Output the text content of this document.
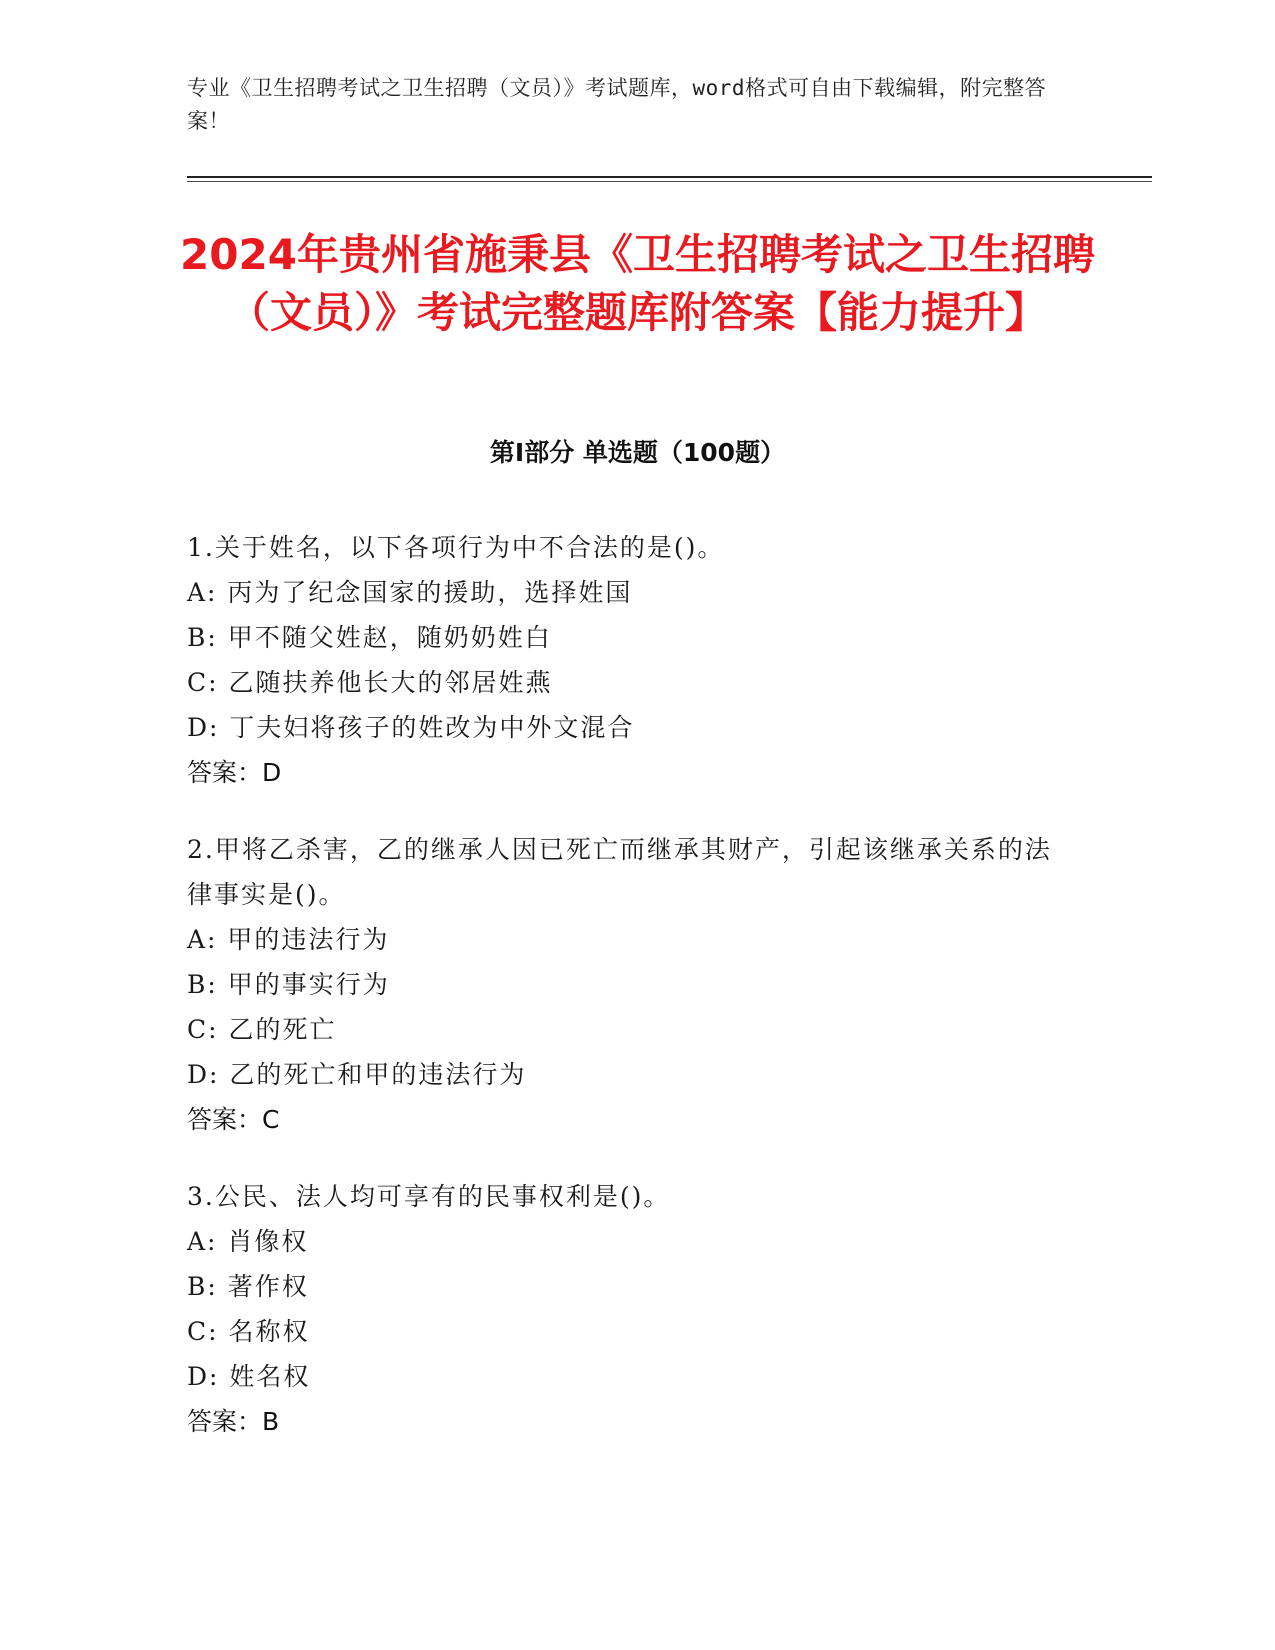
专业《卫生招聘考试之卫生招聘（文员）》考试题库，word格式可自由下载编辑，附完整答案！
2024年贵州省施秉县《卫生招聘考试之卫生招聘（文员）》考试完整题库附答案【能力提升】
第Ⅰ部分 单选题（100题）
1.关于姓名，以下各项行为中不合法的是()。
A: 丙为了纪念国家的援助，选择姓国
B: 甲不随父姓赵，随奶奶姓白
C: 乙随扶养他长大的邻居姓燕
D: 丁夫妇将孩子的姓改为中外文混合
答案：D
2.甲将乙杀害，乙的继承人因已死亡而继承其财产，引起该继承关系的法律事实是()。
A: 甲的违法行为
B: 甲的事实行为
C: 乙的死亡
D: 乙的死亡和甲的违法行为
答案：C
3.公民、法人均可享有的民事权利是()。
A: 肖像权
B: 著作权
C: 名称权
D: 姓名权
答案：B
